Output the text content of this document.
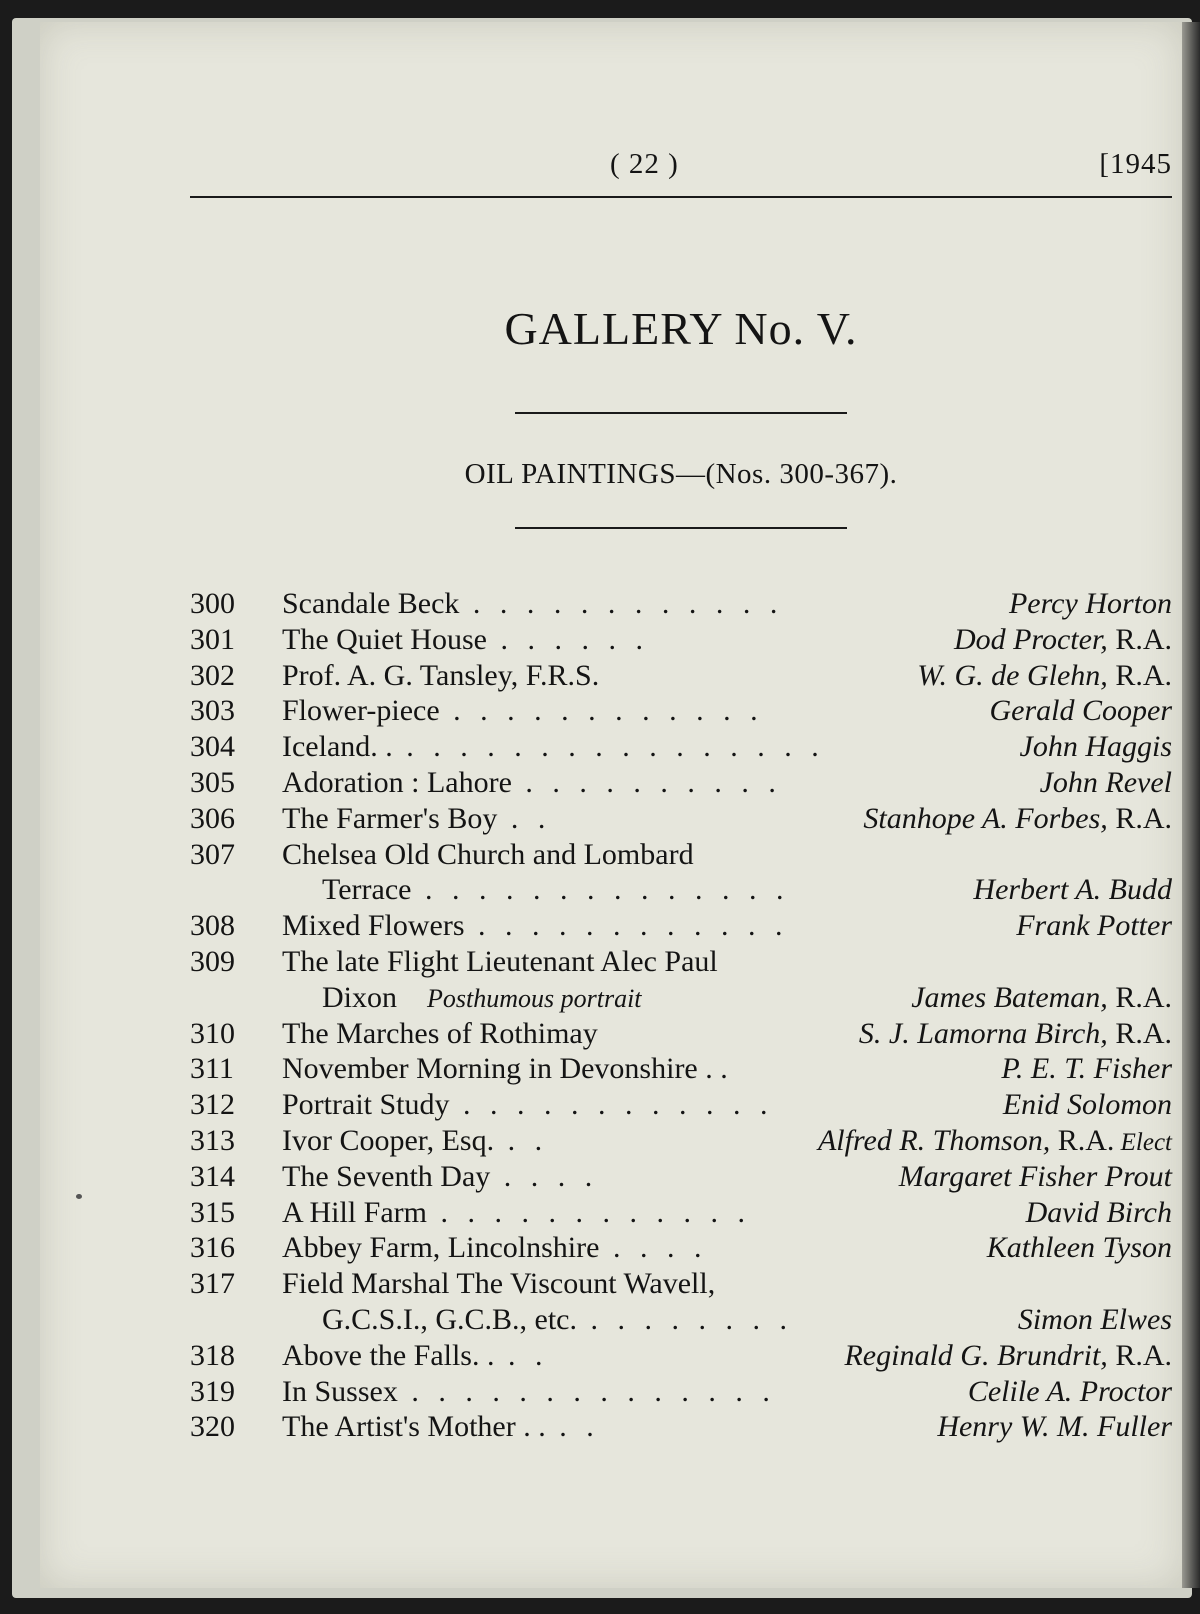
( 22 )	[1945
GALLERY No. V.
OIL PAINTINGS—(Nos. 300-367).
300 Scandale Beck . . . . . . . . . . . .	Percy Horton
301 The Quiet House . . . . . .	Dod Procter, R.A.
302 Prof. A. G. Tansley, F.R.S.	W. G. de Glehn, R.A.
303 Flower-piece . . . . . . . . . . . .	Gerald Cooper
304 Iceland. . . . . . . . . . . . . . . . . .	John Haggis
305 Adoration : Lahore . . . . . . . . . .	John Revel
306 The Farmer's Boy . .	Stanhope A. Forbes, R.A.
307 Chelsea Old Church and Lombard
Terrace . . . . . . . . . . . . . .	Herbert A. Budd
308 Mixed Flowers . . . . . . . . . . . .	Frank Potter
309 The late Flight Lieutenant Alec Paul
Dixon Posthumous portrait	James Bateman, R.A.
310 The Marches of Rothimay	S. J. Lamorna Birch, R.A.
311 November Morning in Devonshire . .	P. E. T. Fisher
312 Portrait Study . . . . . . . . . . . .	Enid Solomon
313 Ivor Cooper, Esq. . .	Alfred R. Thomson, R.A. Elect
314 The Seventh Day . . . .	Margaret Fisher Prout
315 A Hill Farm . . . . . . . . . . . .	David Birch
316 Abbey Farm, Lincolnshire . . . .	Kathleen Tyson
317 Field Marshal The Viscount Wavell,
G.C.S.I., G.C.B., etc. . . . . . . . .	Simon Elwes
318 Above the Falls. . . .	Reginald G. Brundrit, R.A.
319 In Sussex . . . . . . . . . . . . . .	Celile A. Proctor
320 The Artist's Mother . . . .	Henry W. M. Fuller
